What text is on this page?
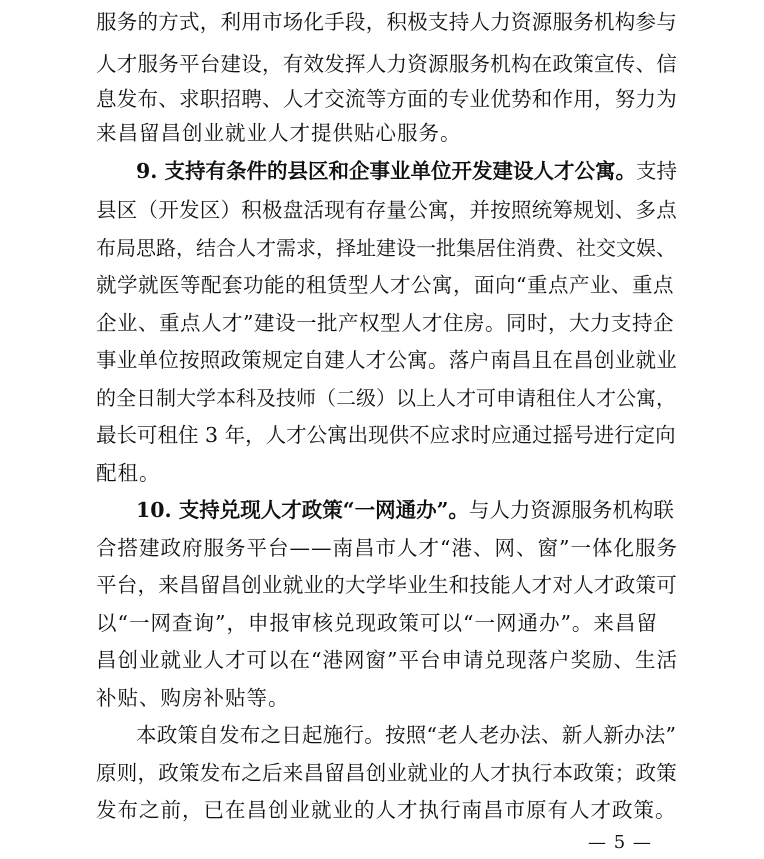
服务的方式，利用市场化手段，积极支持人力资源服务机构参与
人才服务平台建设，有效发挥人力资源服务机构在政策宣传、信
息发布、求职招聘、人才交流等方面的专业优势和作用，努力为
来昌留昌创业就业人才提供贴心服务。
9. 支持有条件的县区和企事业单位开发建设人才公寓。支持
县区（开发区）积极盘活现有存量公寓，并按照统筹规划、多点
布局思路，结合人才需求，择址建设一批集居住消费、社交文娱、
就学就医等配套功能的租赁型人才公寓，面向“重点产业、重点
企业、重点人才”建设一批产权型人才住房。同时，大力支持企
事业单位按照政策规定自建人才公寓。落户南昌且在昌创业就业
的全日制大学本科及技师（二级）以上人才可申请租住人才公寓，
最长可租住 3 年，人才公寓出现供不应求时应通过摇号进行定向
配租。
10. 支持兑现人才政策“一网通办”。与人力资源服务机构联
合搭建政府服务平台——南昌市人才“港、网、窗”一体化服务
平台，来昌留昌创业就业的大学毕业生和技能人才对人才政策可
以“一网查询”，申报审核兑现政策可以“一网通办”。来昌留
昌创业就业人才可以在“港网窗”平台申请兑现落户奖励、生活
补贴、购房补贴等。
本政策自发布之日起施行。按照“老人老办法、新人新办法”
原则，政策发布之后来昌留昌创业就业的人才执行本政策；政策
发布之前，已在昌创业就业的人才执行南昌市原有人才政策。
— 5 —
